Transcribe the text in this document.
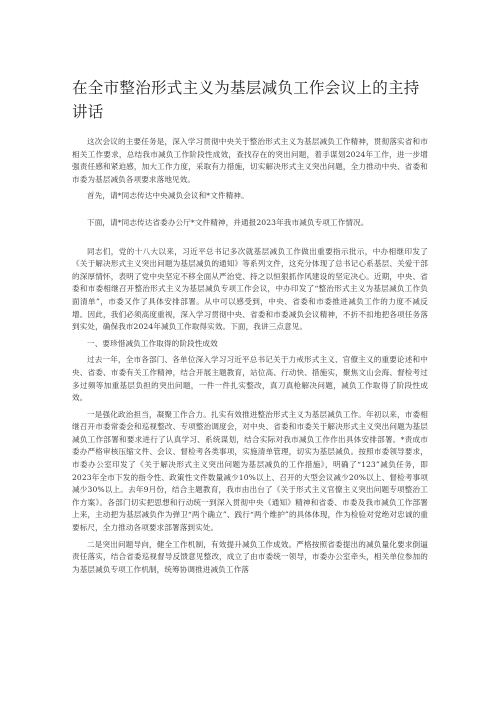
在全市整治形式主义为基层减负工作会议上的主持讲话

这次会议的主要任务是，深入学习贯彻中央关于整治形式主义为基层减负工作精神，贯彻落实省和市相关工作要求，总结我市减负工作阶段性成效，查找存在的突出问题，着手谋划2024年工作，进一步增强责任感和紧迫感，加大工作力度，采取有力措施，切实解决形式主义突出问题，全力推动中央、省委和市委为基层减负各项要求落地见效。

首先，请*同志传达中央减负会议和*文件精神。

下面，请*同志传达省委办公厅*文件精神，并通报2023年我市减负专项工作情况。

同志们，党的十八大以来，习近平总书记多次就基层减负工作做出重要指示批示，中办相继印发了《关于解决形式主义突出问题为基层减负的通知》等系列文件，这充分体现了总书记心系基层、关爱干部的深厚情怀，表明了党中央坚定不移全面从严治党、持之以恒狠抓作风建设的坚定决心。近期，中央、省委和市委相继召开整治形式主义为基层减负专项工作会议，中办印发了“整治形式主义为基层减负工作负面清单”，市委又作了具体安排部署。从中可以感受到，中央、省委和市委推进减负工作的力度不减反增。因此，我们必须高度重视，深入学习贯彻中央、省委和市委减负会议精神，不折不扣地把各项任务落到实处，确保我市2024年减负工作取得实效。下面，我讲三点意见。

一、要珍惜减负工作取得的阶段性成效

过去一年，全市各部门、各单位深入学习习近平总书记关于力戒形式主义、官僚主义的重要论述和中央、省委、市委有关工作精神，结合开展主题教育，站位高、行动快、措施实，聚焦文山会海、督检考过多过频等加重基层负担的突出问题，一件一件扎实整改，真刀真枪解决问题，减负工作取得了阶段性成效。

一是强化政治担当，凝聚工作合力。扎实有效推进整治形式主义为基层减负工作。年初以来，市委相继召开市委常委会和巡视整改、专项整治调度会，对中央、省委和市委关于解决形式主义突出问题为基层减负工作部署和要求进行了认真学习、系统谋划，结合实际对我市减负工作作出具体安排部署。*责成市委办严格审核压缩文件、会议、督检考各类事项，实施清单管理，切实为基层减负。按照市委领导要求，市委办公室印发了《关于解决形式主义突出问题为基层减负的工作措施》，明确了“123”减负任务，即2023年全市下发的指令性、政策性文件数量减少10%以上、召开的大型会议减少20%以上、督检考事项减少30%以上。去年9月份，结合主题教育，我市由出台了《关于形式主义官僚主义突出问题专项整治工作方案》。各部门切实把思想和行动统一到深入贯彻中央《通知》精神和省委、市委及我市减负工作部署上来，主动把为基层减负作为弹卫“两个确立”、践行“两个维护”的具体体现，作为检验对党绝对忠诚的重要标尺，全力推动各项要求部署落到实处。

二是突出问题导向，健全工作机制，有效提升减负工作成效。严格按照省委提出的减负量化要求倒逼责任落实，结合省委巡视督导反馈意见整改，成立了由市委统一领导，市委办公室牵头，相关单位参加的为基层减负专项工作机制，统筹协调推进减负工作落
